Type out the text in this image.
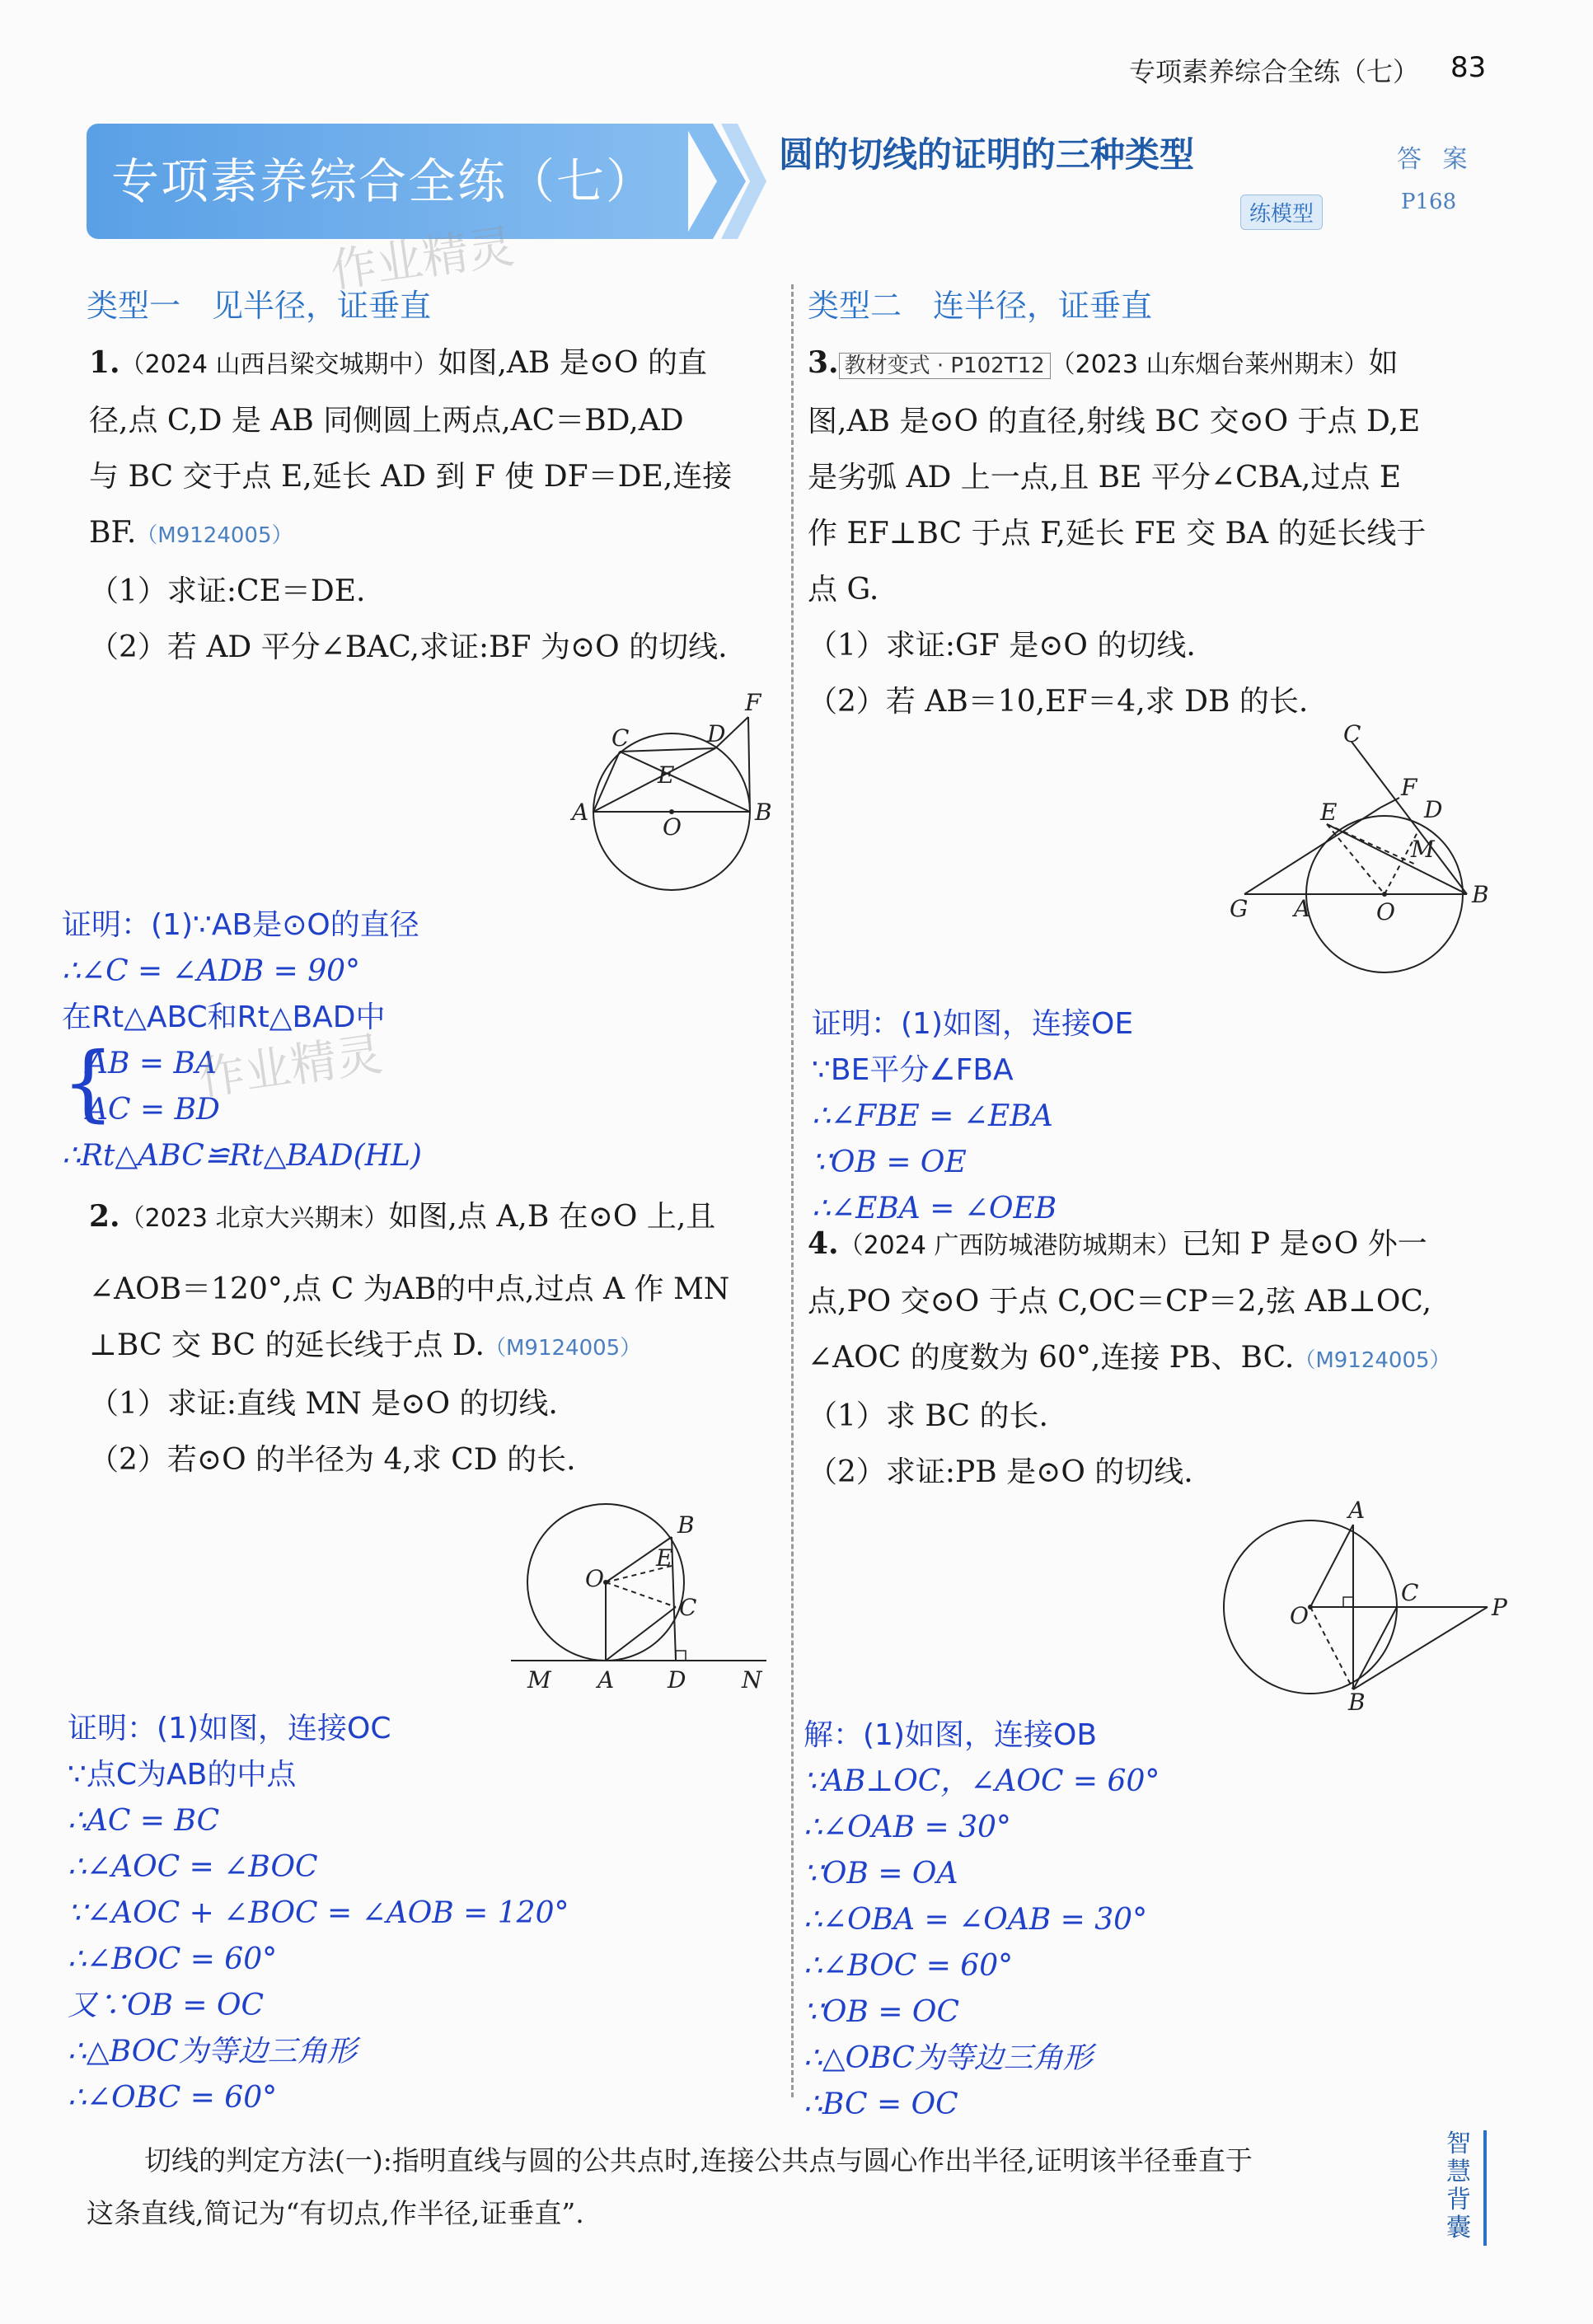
专项素养综合全练（七） 83
专项素养综合全练（七）	圆的切线的证明的三种类型	答 案
P168
练模型
作业精灵
类型一　见半径，证垂直
1.（2024 山西吕梁交城期中）如图,AB 是⊙O 的直
径,点 C,D 是 AB 同侧圆上两点,AC＝BD,AD
与 BC 交于点 E,延长 AD 到 F 使 DF＝DE,连接
BF.（M9124005）
（1）求证:CE＝DE.
（2）若 AD 平分∠BAC,求证:BF 为⊙O 的切线.
C	D
F
E
A
O
B
证明：(1)∵AB是⊙O的直径
∴∠C = ∠ADB = 90°
在Rt△ABC和Rt△BAD中
{
AB = BA
AC = BD
∴Rt△ABC≌Rt△BAD(HL)
作业精灵
2.（2023 北京大兴期末）如图,点 A,B 在⊙O 上,且
∠AOB＝120°,点 C 为AB的中点,过点 A 作 MN
⊥BC 交 BC 的延长线于点 D.（M9124005）
（1）求证:直线 MN 是⊙O 的切线.
（2）若⊙O 的半径为 4,求 CD 的长.
O
B
E
C
M A D N
证明：(1)如图，连接OC
∵点C为AB的中点
∴AC = BC
∴∠AOC = ∠BOC
∵∠AOC + ∠BOC = ∠AOB = 120°
∴∠BOC = 60°
又∵OB = OC
∴△BOC为等边三角形
∴∠OBC = 60°
类型二　连半径，证垂直
3. 教材变式 · P102T12 （2023 山东烟台莱州期末）如
图,AB 是⊙O 的直径,射线 BC 交⊙O 于点 D,E
是劣弧 AD 上一点,且 BE 平分∠CBA,过点 E
作 EF⊥BC 于点 F,延长 FE 交 BA 的延长线于
点 G.
（1）求证:GF 是⊙O 的切线.
（2）若 AB＝10,EF＝4,求 DB 的长.
C
F
E	D
M
G A	O
B
证明：(1)如图，连接OE
∵BE平分∠FBA
∴∠FBE = ∠EBA
∵OB = OE
∴∠EBA = ∠OEB
4.（2024 广西防城港防城期末）已知 P 是⊙O 外一
点,PO 交⊙O 于点 C,OC＝CP＝2,弦 AB⊥OC,
∠AOC 的度数为 60°,连接 PB、BC.（M9124005）
（1）求 BC 的长.
（2）求证:PB 是⊙O 的切线.
A
O
C
P
B
解：(1)如图，连接OB
∵AB⊥OC，∠AOC = 60°
∴∠OAB = 30°
∵OB = OA
∴∠OBA = ∠OAB = 30°
∴∠BOC = 60°
∵OB = OC
∴△OBC为等边三角形
∴BC = OC
切线的判定方法(一):指明直线与圆的公共点时,连接公共点与圆心作出半径,证明该半径垂直于
这条直线,简记为“有切点,作半径,证垂直”.
智慧背囊
